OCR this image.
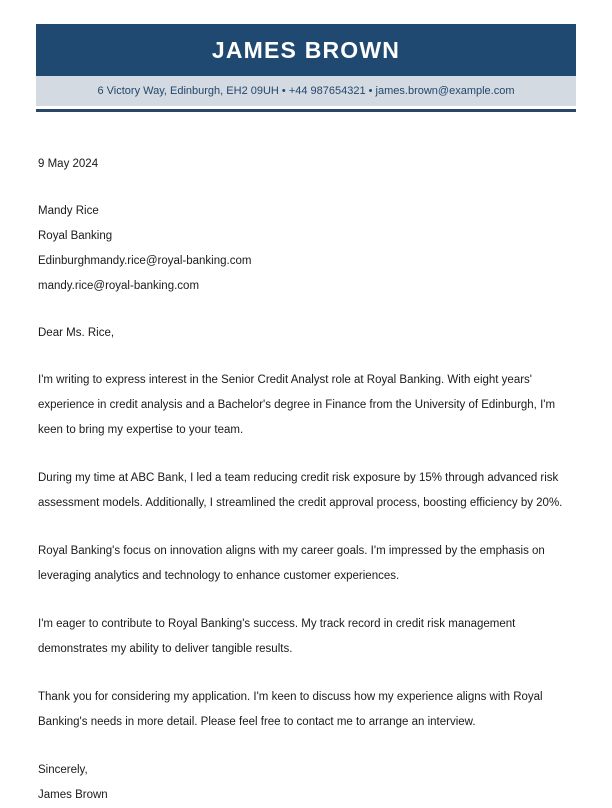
JAMES BROWN
6 Victory Way, Edinburgh, EH2 09UH • +44 987654321 • james.brown@example.com
9 May 2024
Mandy Rice
Royal Banking
Edinburghmandy.rice@royal-banking.com
mandy.rice@royal-banking.com
Dear Ms. Rice,

I'm writing to express interest in the Senior Credit Analyst role at Royal Banking. With eight years' experience in credit analysis and a Bachelor's degree in Finance from the University of Edinburgh, I'm keen to bring my expertise to your team.

During my time at ABC Bank, I led a team reducing credit risk exposure by 15% through advanced risk assessment models. Additionally, I streamlined the credit approval process, boosting efficiency by 20%.

Royal Banking's focus on innovation aligns with my career goals. I'm impressed by the emphasis on leveraging analytics and technology to enhance customer experiences.

I'm eager to contribute to Royal Banking's success. My track record in credit risk management demonstrates my ability to deliver tangible results.

Thank you for considering my application. I'm keen to discuss how my experience aligns with Royal Banking's needs in more detail. Please feel free to contact me to arrange an interview.

Sincerely,
James Brown
